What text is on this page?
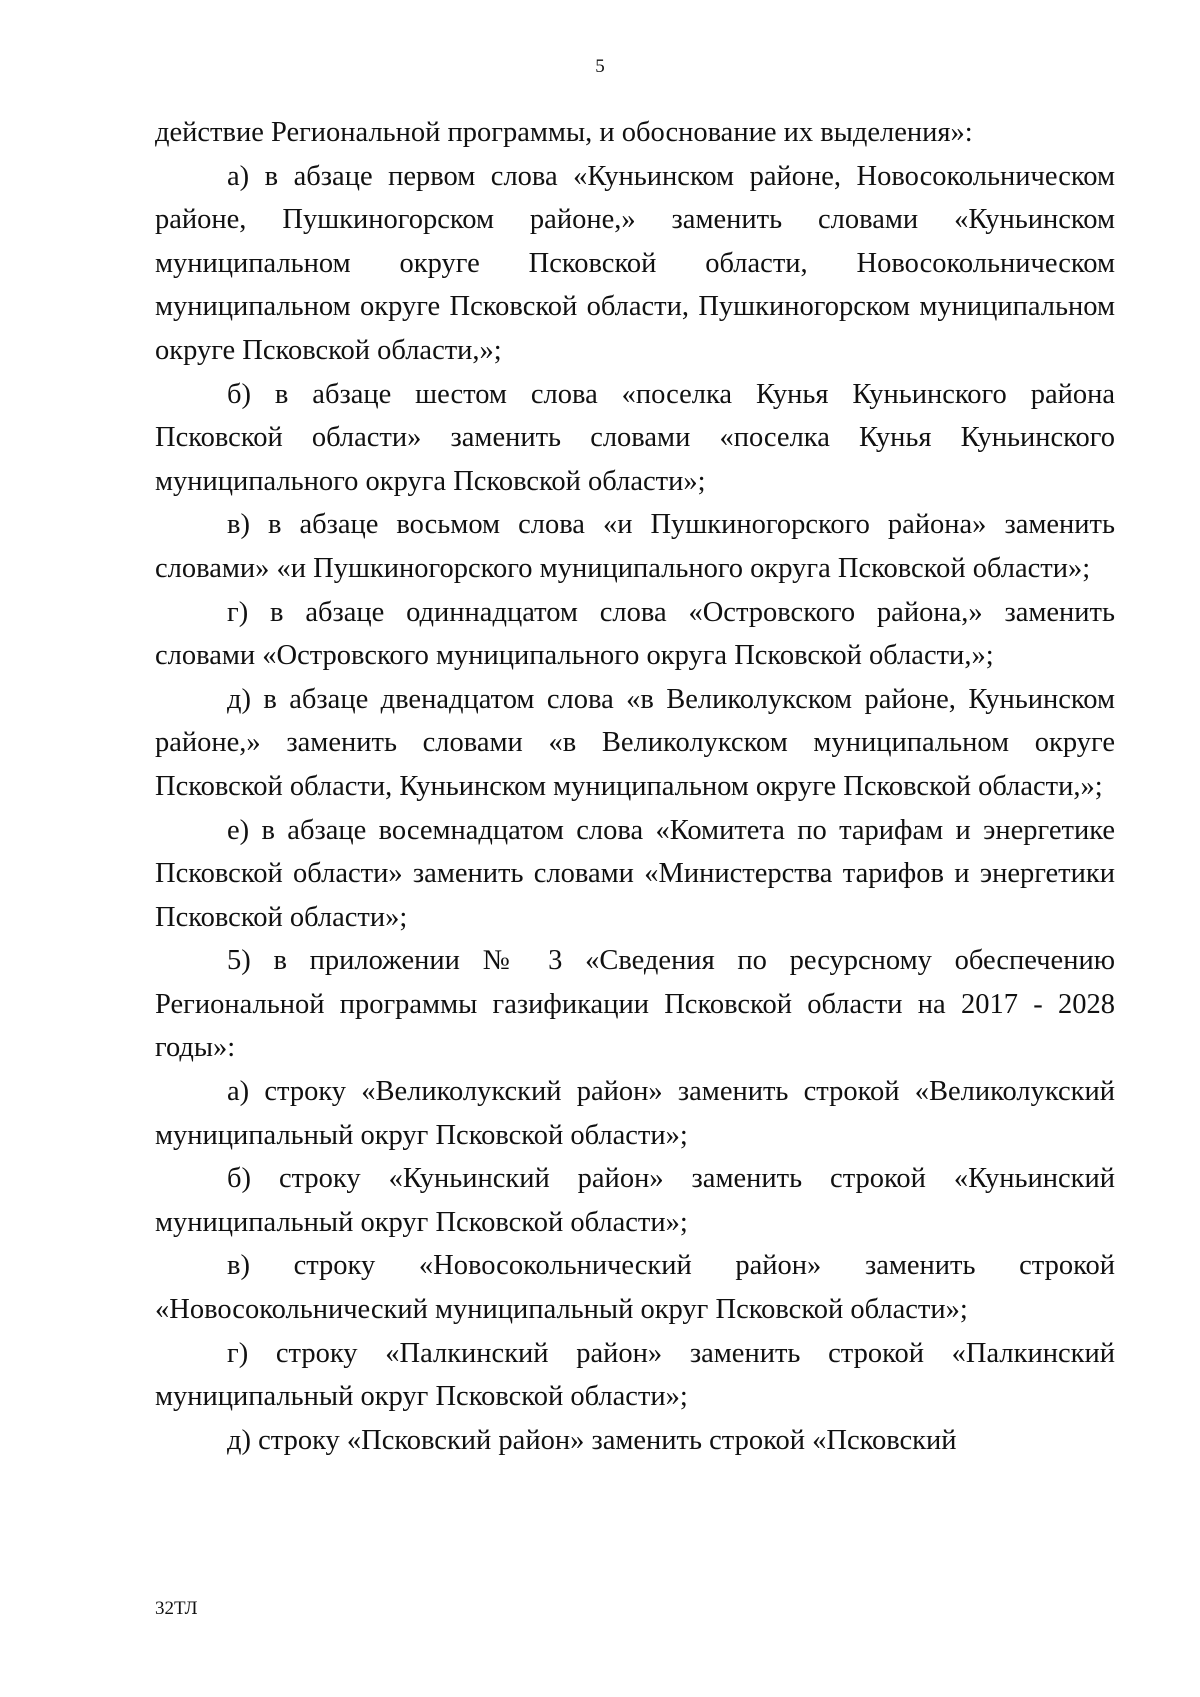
5

действие Региональной программы, и обоснование их выделения»:

а) в абзаце первом слова «Куньинском районе, Новосокольническом районе, Пушкиногорском районе,» заменить словами «Куньинском муниципальном округе Псковской области, Новосокольническом муниципальном округе Псковской области, Пушкиногорском муниципальном округе Псковской области,»;

б) в абзаце шестом слова «поселка Кунья Куньинского района Псковской области» заменить словами «поселка Кунья Куньинского муниципального округа Псковской области»;

в) в абзаце восьмом слова «и Пушкиногорского района» заменить словами» «и Пушкиногорского муниципального округа Псковской области»;

г) в абзаце одиннадцатом слова «Островского района,» заменить словами «Островского муниципального округа Псковской области,»;

д) в абзаце двенадцатом слова «в Великолукском районе, Куньинском районе,» заменить словами «в Великолукском муниципальном округе Псковской области, Куньинском муниципальном округе Псковской области,»;

е) в абзаце восемнадцатом слова «Комитета по тарифам и энергетике Псковской области» заменить словами «Министерства тарифов и энергетики Псковской области»;

5) в приложении № 3 «Сведения по ресурсному обеспечению Региональной программы газификации Псковской области на 2017 - 2028 годы»:

а) строку «Великолукский район» заменить строкой «Великолукский муниципальный округ Псковской области»;

б) строку «Куньинский район» заменить строкой «Куньинский муниципальный округ Псковской области»;

в) строку «Новосокольнический район» заменить строкой «Новосокольнический муниципальный округ Псковской области»;

г) строку «Палкинский район» заменить строкой «Палкинский муниципальный округ Псковской области»;

д) строку «Псковский район» заменить строкой «Псковский

32ТЛ
